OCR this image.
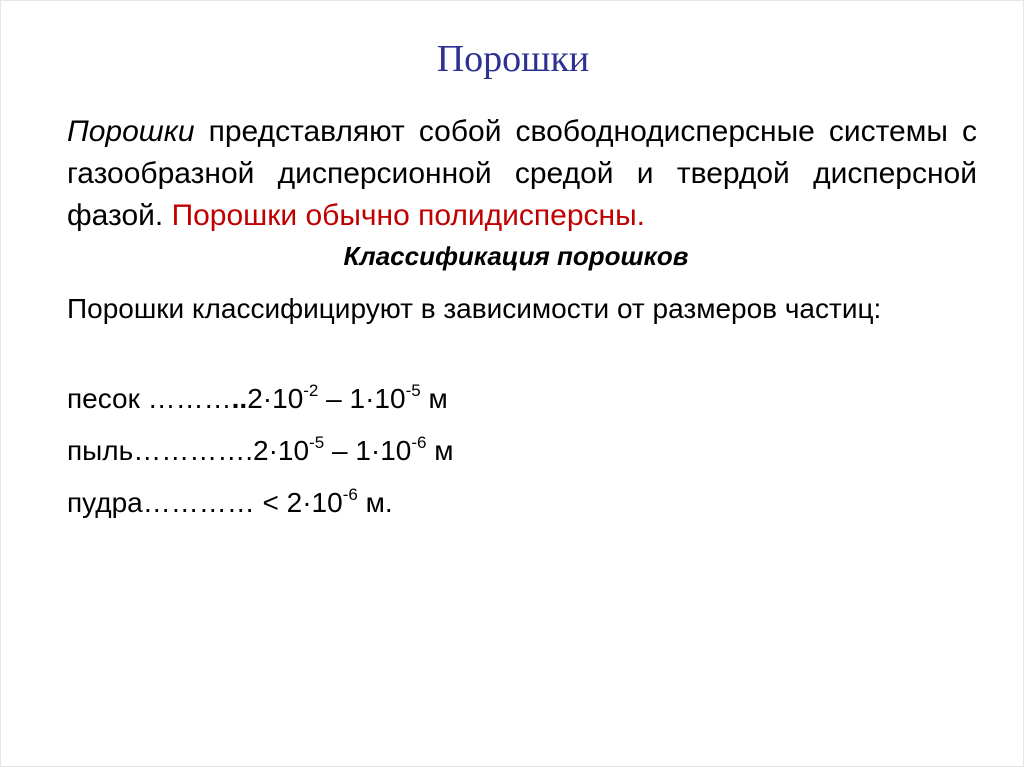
Порошки
Порошки представляют собой свободнодисперсные системы с газообразной дисперсионной средой и твердой дисперсной фазой. Порошки обычно полидисперсны.
Классификация порошков
Порошки классифицируют в зависимости от размеров частиц:
песок $\dots\dots\dots..2\cdot 10^{-2} - 1\cdot 10^{-5}$ м
$пыль\dots\dots\dots\dots.2\cdot 10^{-5} - 1\cdot 10^{-6}$ м
пудра………… < $2\cdot 10^{-6}$ м.
